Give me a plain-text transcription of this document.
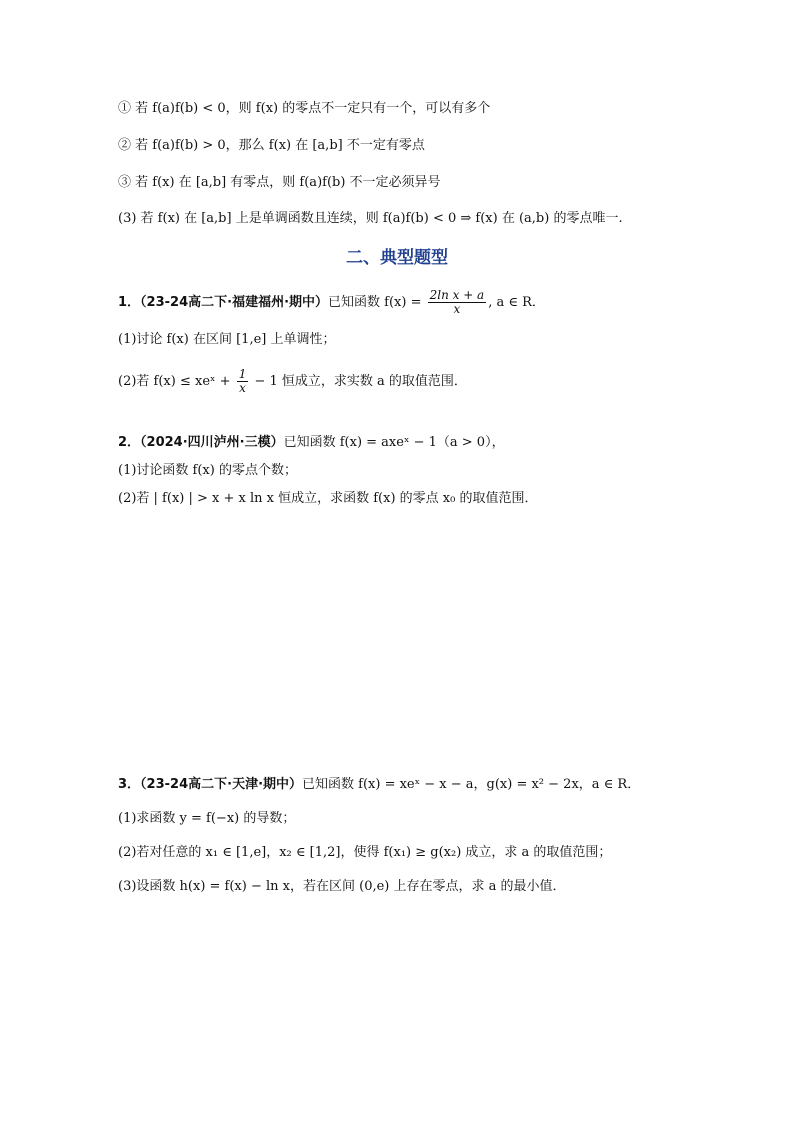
① 若 f(a)f(b) < 0，则 f(x) 的零点不一定只有一个，可以有多个
② 若 f(a)f(b) > 0，那么 f(x) 在 [a,b] 不一定有零点
③ 若 f(x) 在 [a,b] 有零点，则 f(a)f(b) 不一定必须异号
(3) 若 f(x) 在 [a,b] 上是单调函数且连续，则 f(a)f(b) < 0 ⇒ f(x) 在 (a,b) 的零点唯一.
二、典型题型
1．（23-24高二下·福建福州·期中）已知函数 $f(x) = \frac{\text{2ln x + a}}{x}$ , a ∈ R．
(1)讨论 f(x) 在区间 [1,e] 上单调性；
(2)若 f(x) ≤ xeˣ + $\frac{1}{x} - 1$ 恒成立，求实数 a 的取值范围．
2．（2024·四川泸州·三模）已知函数 f(x) = axeˣ − 1（a > 0），
(1)讨论函数 f(x) 的零点个数；
(2)若 | f(x) | > x + x ln x 恒成立，求函数 f(x) 的零点 x₀ 的取值范围．
3．（23-24高二下·天津·期中）已知函数 f(x) = xeˣ − x − a，g(x) = x² − 2x，a ∈ R．
(1)求函数 y = f(−x) 的导数；
(2)若对任意的 x₁ ∈ [1,e]，x₂ ∈ [1,2]，使得 f(x₁) ≥ g(x₂) 成立，求 a 的取值范围；
(3)设函数 h(x) = f(x) − ln x，若在区间 (0,e) 上存在零点，求 a 的最小值．
